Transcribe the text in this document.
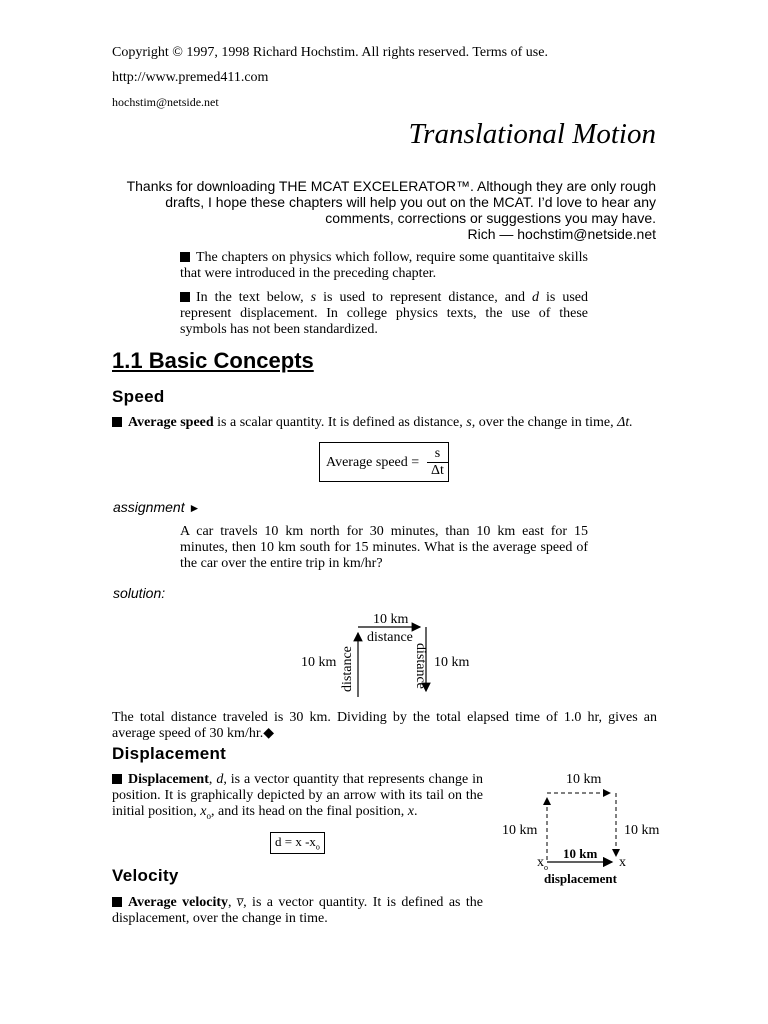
Copyright © 1997, 1998 Richard Hochstim. All rights reserved. Terms of use.
http://www.premed411.com
hochstim@netside.net
Translational Motion
Thanks for downloading THE MCAT EXCELERATOR™. Although they are only rough
drafts, I hope these chapters will help you out on the MCAT. I’d love to hear any
comments, corrections or suggestions you may have.
Rich — hochstim@netside.net
The chapters on physics which follow, require some quantitaive skills that were introduced in the preceding chapter.
In the text below, s is used to represent distance, and d is used represent displacement. In college physics texts, the use of these symbols has not been standardized.
1.1 Basic Concepts
Speed
Average speed is a scalar quantity. It is defined as distance, s, over the change in time, Δt.
Average speed = $\frac{s}{\Delta t}$
assignment ►
A car travels 10 km north for 30 minutes, than 10 km east for 15 minutes, then 10 km south for 15 minutes. What is the average speed of the car over the entire trip in km/hr?
solution:
10 km
distance
10 km distance	10 km
distance
The total distance traveled is 30 km. Dividing by the total elapsed time of 1.0 hr, gives an average speed of 30 km/hr.◆
Displacement
Displacement, d, is a vector quantity that represents change in position. It is graphically depicted by an arrow with its tail on the initial position, $x_o$, and its head on the final position, x.
d = x $-x_o$
10 km
10 km	10 km
10 km
$x_o$	x
displacement
Velocity
Average velocity, v̅, is a vector quantity. It is defined as the displacement, over the change in time.
